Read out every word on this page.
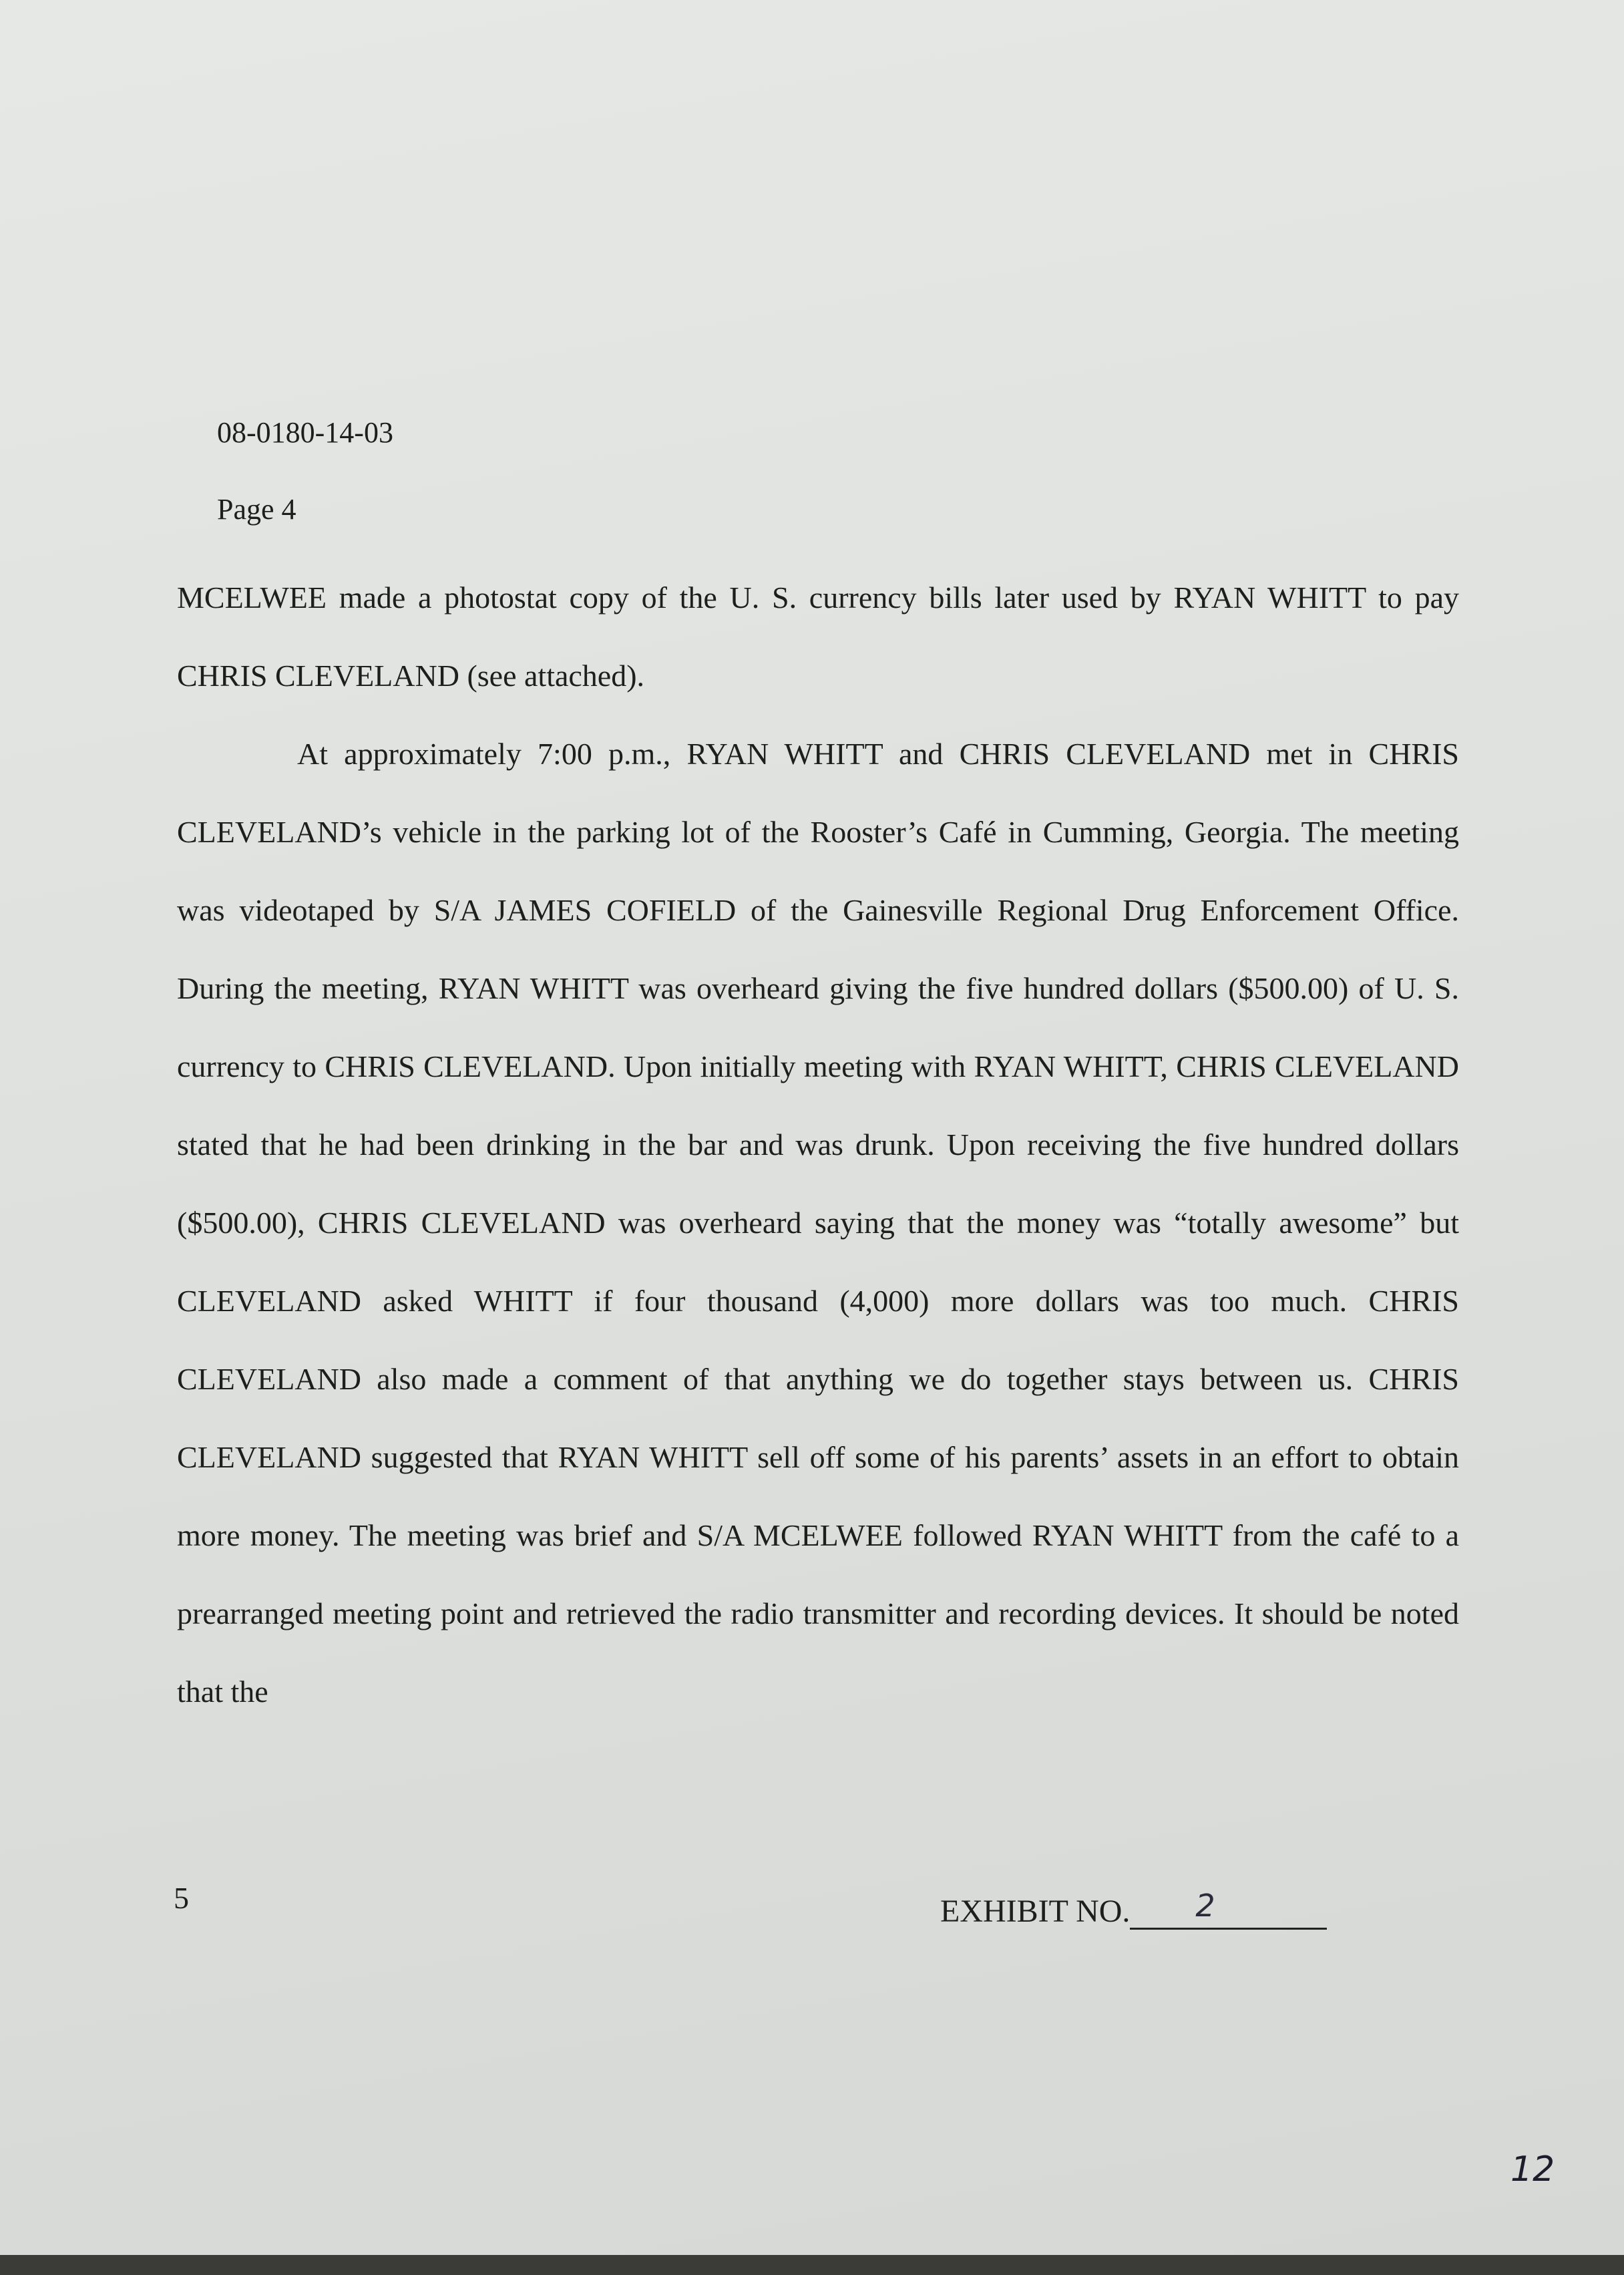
08-0180-14-03
Page 4

MCELWEE made a photostat copy of the U. S. currency bills later used by RYAN WHITT to pay CHRIS CLEVELAND (see attached).

At approximately 7:00 p.m., RYAN WHITT and CHRIS CLEVELAND met in CHRIS CLEVELAND’s vehicle in the parking lot of the Rooster’s Café in Cumming, Georgia. The meeting was videotaped by S/A JAMES COFIELD of the Gainesville Regional Drug Enforcement Office. During the meeting, RYAN WHITT was overheard giving the five hundred dollars ($500.00) of U. S. currency to CHRIS CLEVELAND. Upon initially meeting with RYAN WHITT, CHRIS CLEVELAND stated that he had been drinking in the bar and was drunk. Upon receiving the five hundred dollars ($500.00), CHRIS CLEVELAND was overheard saying that the money was “totally awesome” but CLEVELAND asked WHITT if four thousand (4,000) more dollars was too much. CHRIS CLEVELAND also made a comment of that anything we do together stays between us. CHRIS CLEVELAND suggested that RYAN WHITT sell off some of his parents’ assets in an effort to obtain more money. The meeting was brief and S/A MCELWEE followed RYAN WHITT from the café to a prearranged meeting point and retrieved the radio transmitter and recording devices. It should be noted that the

5	EXHIBIT NO. 2
12
